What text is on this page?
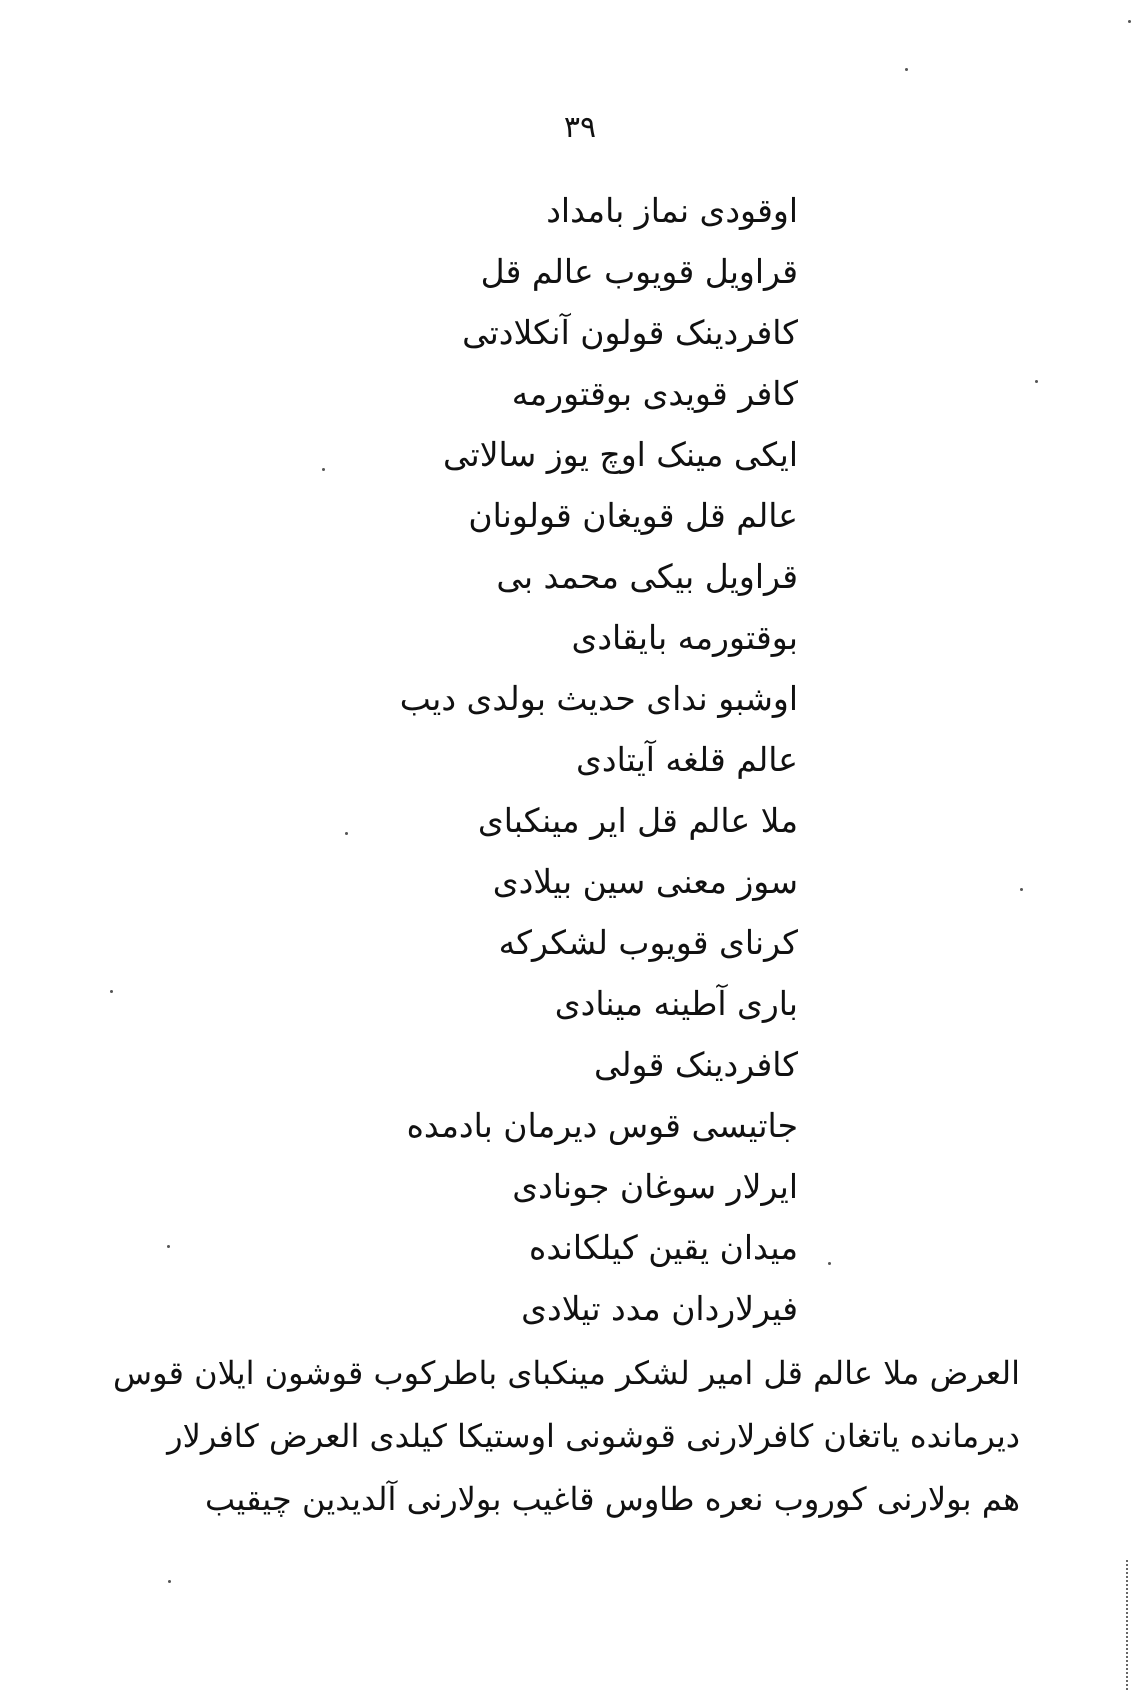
۳۹
اوقودی نماز بامداد
قراویل قویوب عالم قل
کافردینک قولون آنکلادتی
کافر قویدی بوقتورمه
ایکی مینک اوچ یوز سالاتی
عالم قل قویغان قولونان
قراویل بیکی محمد بی
بوقتورمه بایقادی
اوشبو ندای حدیث بولدی دیب
عالم قلغه آیتادی
ملا عالم قل ایر مینکبای
سوز معنی سین بیلادی
کرنای قویوب لشکرکه
باری آطینه مینادی
کافردینک قولی
جاتیسی قوس دیرمان بادمده
ایرلار سوغان جونادی
میدان یقین کیلکانده
فیرلاردان مدد تیلادی
العرض ملا عالم قل امیر لشکر مینکبای باطرکوب قوشون ایلان قوس
دیرمانده یاتغان کافرلارنی قوشونی اوستیکا کیلدی العرض کافرلار
هم بولارنی کوروب نعره طاوس قاغیب بولارنی آلدیدین چیقیب
